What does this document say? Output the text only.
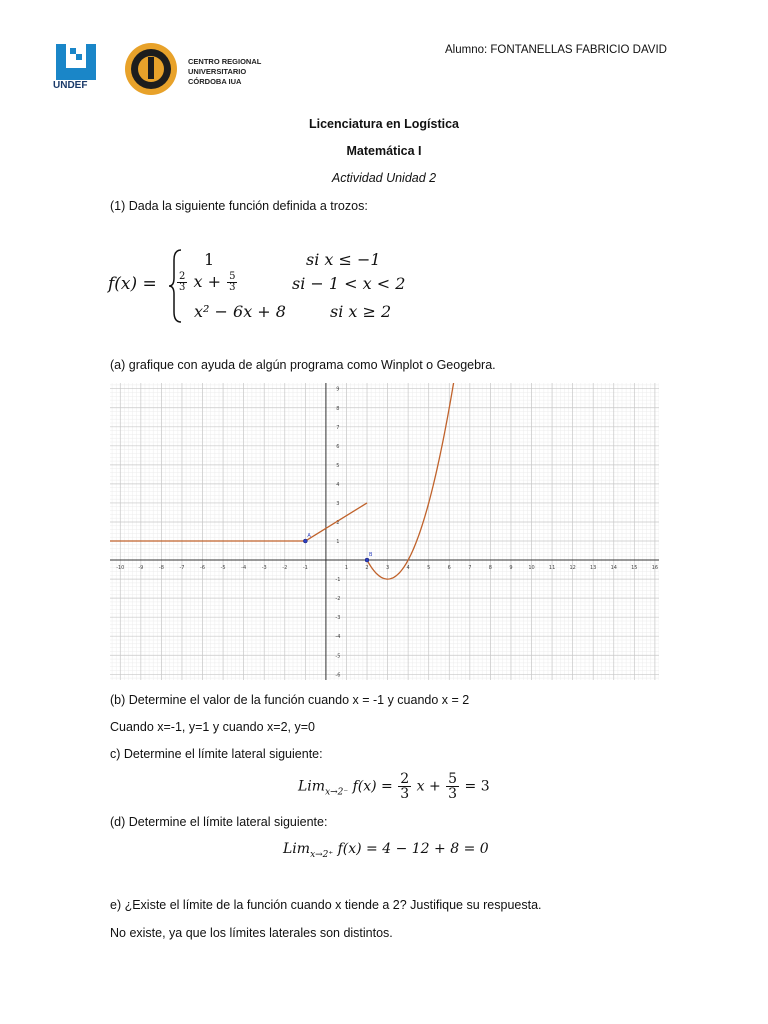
UNDEF
CENTRO REGIONAL
UNIVERSITARIO
CÓRDOBA IUA
Alumno: FONTANELLAS FABRICIO DAVID
Licenciatura en Logística
Matemática I
Actividad Unidad 2
(1) Dada la siguiente función definida a trozos:
f(x) =
1	si x ≤ −1
$\frac{2}{3}$ $x + \frac{5}{3}$	si − 1 < x < 2
x² − 6x + 8	si x ≥ 2
(a) grafique con ayuda de algún programa como Winplot o Geogebra.
-10	-9	-8	-7	-6	-5	-4	-3	-2	-1	1	2	3	4	5	6	7	8	9	10	11	12	13	14	15	16
-6
-5
-4
-3
-2
-1
1
2
3
4
5
6
7
8
9
A
B
(b) Determine el valor de la función cuando x = -1 y cuando x = 2
Cuando x=-1, y=1 y cuando x=2, y=0
c) Determine el límite lateral siguiente:
Lim$_{x\to 2^-}$ $f(x) = \frac{2}{3}$ $x + \frac{5}{3} = 3$
(d) Determine el límite lateral siguiente:
Lim$_{x\to 2^+}$ f(x) = 4 − 12 + 8 = 0
e) ¿Existe el límite de la función cuando x tiende a 2? Justifique su respuesta.
No existe, ya que los límites laterales son distintos.
